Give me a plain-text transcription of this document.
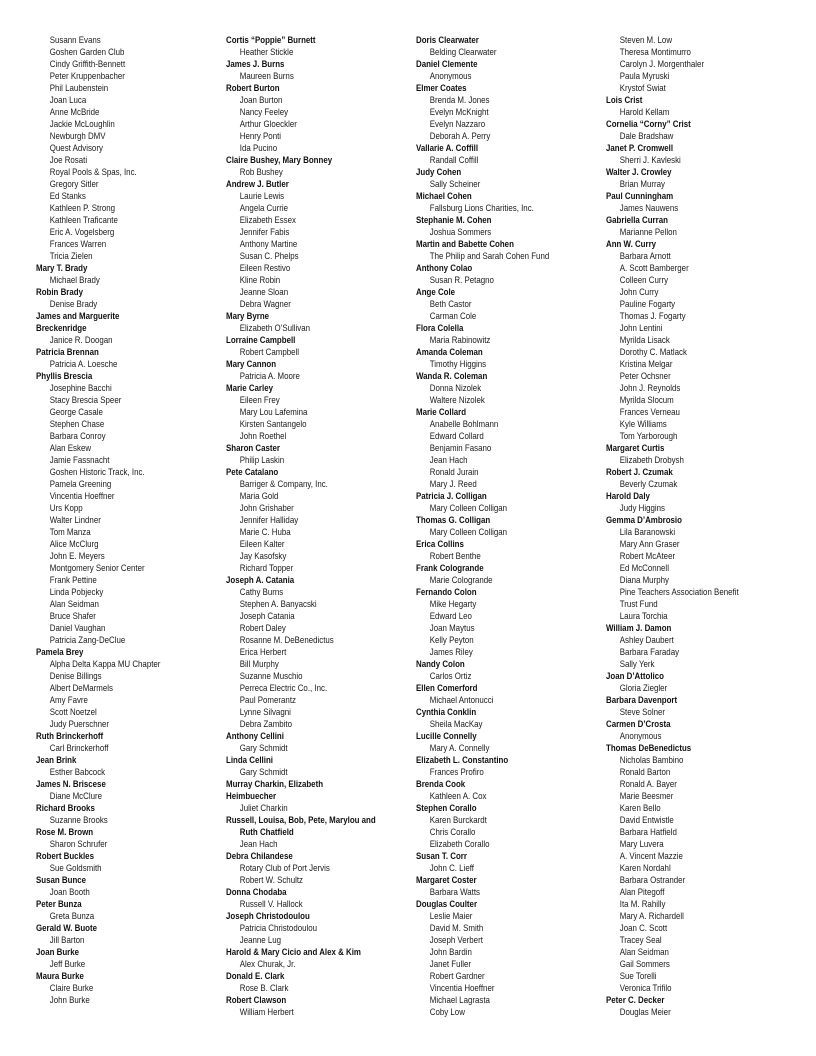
Susann Evans
Goshen Garden Club
Cindy Griffith-Bennett
Peter Kruppenbacher
Phil Laubenstein
Joan Luca
Anne McBride
Jackie McLoughlin
Newburgh DMV
Quest Advisory
Joe Rosati
Royal Pools & Spas, Inc.
Gregory Sitler
Ed Stanks
Kathleen P. Strong
Kathleen Traficante
Eric A. Vogelsberg
Frances Warren
Tricia Zielen
Mary T. Brady
Michael Brady
Robin Brady
Denise Brady
James and Marguerite
Breckenridge
Janice R. Doogan
Patricia Brennan
Patricia A. Loesche
Phyllis Brescia
Josephine Bacchi
Stacy Brescia Speer
George Casale
Stephen Chase
Barbara Conroy
Alan Eskew
Jamie Fassnacht
Goshen Historic Track, Inc.
Pamela Greening
Vincentia Hoeffner
Urs Kopp
Walter Lindner
Tom Manza
Alice McClurg
John E. Meyers
Montgomery Senior Center
Frank Pettine
Linda Pobjecky
Alan Seidman
Bruce Shafer
Daniel Vaughan
Patricia Zang-DeClue
Pamela Brey
Alpha Delta Kappa MU Chapter
Denise Billings
Albert DeMarmels
Amy Favre
Scott Noetzel
Judy Puerschner
Ruth Brinckerhoff
Carl Brinckerhoff
Jean Brink
Esther Babcock
James N. Briscese
Diane McClure
Richard Brooks
Suzanne Brooks
Rose M. Brown
Sharon Schrufer
Robert Buckles
Sue Goldsmith
Susan Bunce
Joan Booth
Peter Bunza
Greta Bunza
Gerald W. Buote
Jill Barton
Joan Burke
Jeff Burke
Maura Burke
Claire Burke
John Burke
Cortis “Poppie” Burnett
Heather Stickle
James J. Burns
Maureen Burns
Robert Burton
Joan Burton
Nancy Feeley
Arthur Gloeckler
Henry Ponti
Ida Pucino
Claire Bushey, Mary Bonney
Rob Bushey
Andrew J. Butler
Laurie Lewis
Angela Currie
Elizabeth Essex
Jennifer Fabis
Anthony Martine
Susan C. Phelps
Eileen Restivo
Kline Robin
Jeanne Sloan
Debra Wagner
Mary Byrne
Elizabeth O’Sullivan
Lorraine Campbell
Robert Campbell
Mary Cannon
Patricia A. Moore
Marie Carley
Eileen Frey
Mary Lou Lafemina
Kirsten Santangelo
John Roethel
Sharon Caster
Philip Laskin
Pete Catalano
Barriger & Company, Inc.
Maria Gold
John Grishaber
Jennifer Halliday
Marie C. Huba
Eileen Kalter
Jay Kasofsky
Richard Topper
Joseph A. Catania
Cathy Burns
Stephen A. Banyacski
Joseph Catania
Robert Daley
Rosanne M. DeBenedictus
Erica Herbert
Bill Murphy
Suzanne Muschio
Perreca Electric Co., Inc.
Paul Pomerantz
Lynne Silvagni
Debra Zambito
Anthony Cellini
Gary Schmidt
Linda Cellini
Gary Schmidt
Murray Charkin, Elizabeth
Heimbuecher
Juliet Charkin
Russell, Louisa, Bob, Pete, Marylou and
Ruth Chatfield
Jean Hach
Debra Chilandese
Rotary Club of Port Jervis
Robert W. Schultz
Donna Chodaba
Russell V. Hallock
Joseph Christodoulou
Patricia Christodoulou
Jeanne Lug
Harold & Mary Cicio and Alex & Kim
Alex Churak, Jr.
Donald E. Clark
Rose B. Clark
Robert Clawson
William Herbert
Doris Clearwater
Belding Clearwater
Daniel Clemente
Anonymous
Elmer Coates
Brenda M. Jones
Evelyn McKnight
Evelyn Nazzaro
Deborah A. Perry
Vallarie A. Coffill
Randall Coffill
Judy Cohen
Sally Scheiner
Michael Cohen
Fallsburg Lions Charities, Inc.
Stephanie M. Cohen
Joshua Sommers
Martin and Babette Cohen
The Philip and Sarah Cohen Fund
Anthony Colao
Susan R. Petagno
Ange Cole
Beth Castor
Carman Cole
Flora Colella
Maria Rabinowitz
Amanda Coleman
Timothy Higgins
Wanda R. Coleman
Donna Nizolek
Waltere Nizolek
Marie Collard
Anabelle Bohlmann
Edward Collard
Benjamin Fasano
Jean Hach
Ronald Jurain
Mary J. Reed
Patricia J. Colligan
Mary Colleen Colligan
Thomas G. Colligan
Mary Colleen Colligan
Erica Collins
Robert Benthe
Frank Cologrande
Marie Cologrande
Fernando Colon
Mike Hegarty
Edward Leo
Joan Maytus
Kelly Peyton
James Riley
Nandy Colon
Carlos Ortiz
Ellen Comerford
Michael Antonucci
Cynthia Conklin
Sheila MacKay
Lucille Connelly
Mary A. Connelly
Elizabeth L. Constantino
Frances Profiro
Brenda Cook
Kathleen A. Cox
Stephen Corallo
Karen Burckardt
Chris Corallo
Elizabeth Corallo
Susan T. Corr
John C. Lieff
Margaret Coster
Barbara Watts
Douglas Coulter
Leslie Maier
David M. Smith
Joseph Verbert
John Bardin
Janet Fuller
Robert Gardner
Vincentia Hoeffner
Michael Lagrasta
Coby Low
Steven M. Low
Theresa Montimurro
Carolyn J. Morgenthaler
Paula Myruski
Krystof Swiat
Lois Crist
Harold Kellam
Cornelia “Corny” Crist
Dale Bradshaw
Janet P. Cromwell
Sherri J. Kavleski
Walter J. Crowley
Brian Murray
Paul Cunningham
James Nauwens
Gabriella Curran
Marianne Pellon
Ann W. Curry
Barbara Arnott
A. Scott Bamberger
Colleen Curry
John Curry
Pauline Fogarty
Thomas J. Fogarty
John Lentini
Myrilda Lisack
Dorothy C. Matlack
Kristina Melgar
Peter Ochsner
John J. Reynolds
Myrilda Slocum
Frances Verneau
Kyle Williams
Tom Yarborough
Margaret Curtis
Elizabeth Drobysh
Robert J. Czumak
Beverly Czumak
Harold Daly
Judy Higgins
Gemma D’Ambrosio
Lila Baranowski
Mary Ann Graser
Robert McAteer
Ed McConnell
Diana Murphy
Pine Teachers Association Benefit
Trust Fund
Laura Torchia
William J. Damon
Ashley Daubert
Barbara Faraday
Sally Yerk
Joan D’Attolico
Gloria Ziegler
Barbara Davenport
Steve Solner
Carmen D’Crosta
Anonymous
Thomas DeBenedictus
Nicholas Bambino
Ronald Barton
Ronald A. Bayer
Marie Beesmer
Karen Bello
David Entwistle
Barbara Hatfield
Mary Luvera
A. Vincent Mazzie
Karen Nordahl
Barbara Ostrander
Alan Pitegoff
Ita M. Rahilly
Mary A. Richardell
Joan C. Scott
Tracey Seal
Alan Seidman
Gail Sommers
Sue Torelli
Veronica Trifilo
Peter C. Decker
Douglas Meier
